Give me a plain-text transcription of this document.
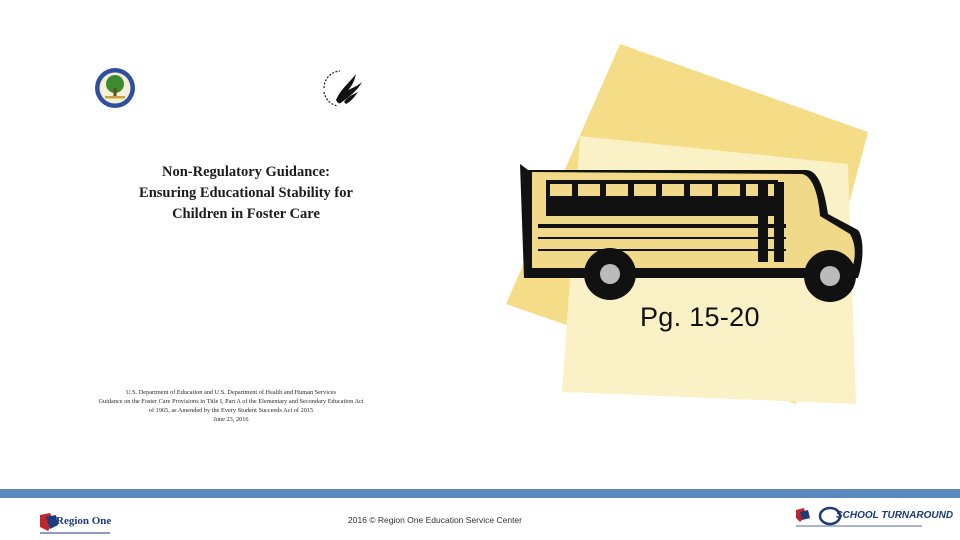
Non-Regulatory Guidance:
Ensuring Educational Stability for
Children in Foster Care
U.S. Department of Education and U.S. Department of Health and Human Services
Guidance on the Foster Care Provisions in Title I, Part A of the Elementary and Secondary Education Act
of 1965, as Amended by the Every Student Succeeds Act of 2015
June 23, 2016
Pg. 15-20
Region One	2016 © Region One Education Service Center	SCHOOL TURNAROUND
